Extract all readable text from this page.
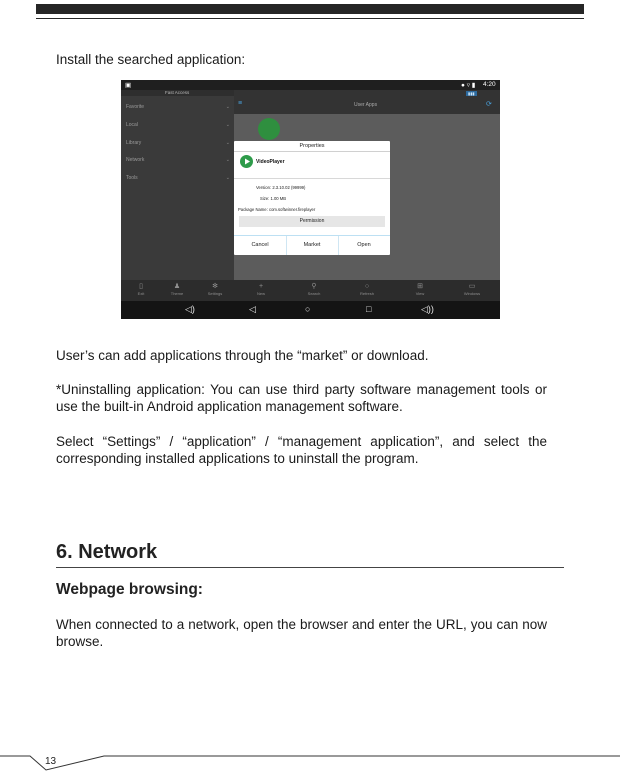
Install the searched application:

▣	● ▿ ▮ 4:20
Fast Access
Favorite	⌄
Local	⌄
Library	⌄
Network	⌄
Tools	⌄
≡
▮▮▮
User Apps	⟳
Properties
VideoPlayer
Version: 2.3.10.02 (99999)
Size: 1.00 MB
Package Name: com.softwinner.fireplayer
Permission
Cancel	Market	Open
▯
Exit
♟
Theme
✻
Settings
+
New
⚲
Search
○
Refresh
⊞
View
▭
Windows
◁)	◁	○	□	◁))

User’s can add applications through the “market” or download.

*Uninstalling application: You can use third party software management tools or use the built-in Android application management software.

Select “Settings” / “application” / “management application”, and select the corresponding installed applications to uninstall the program.

6. Network
Webpage browsing:

When connected to a network, open the browser and enter the URL, you can now browse.

13
